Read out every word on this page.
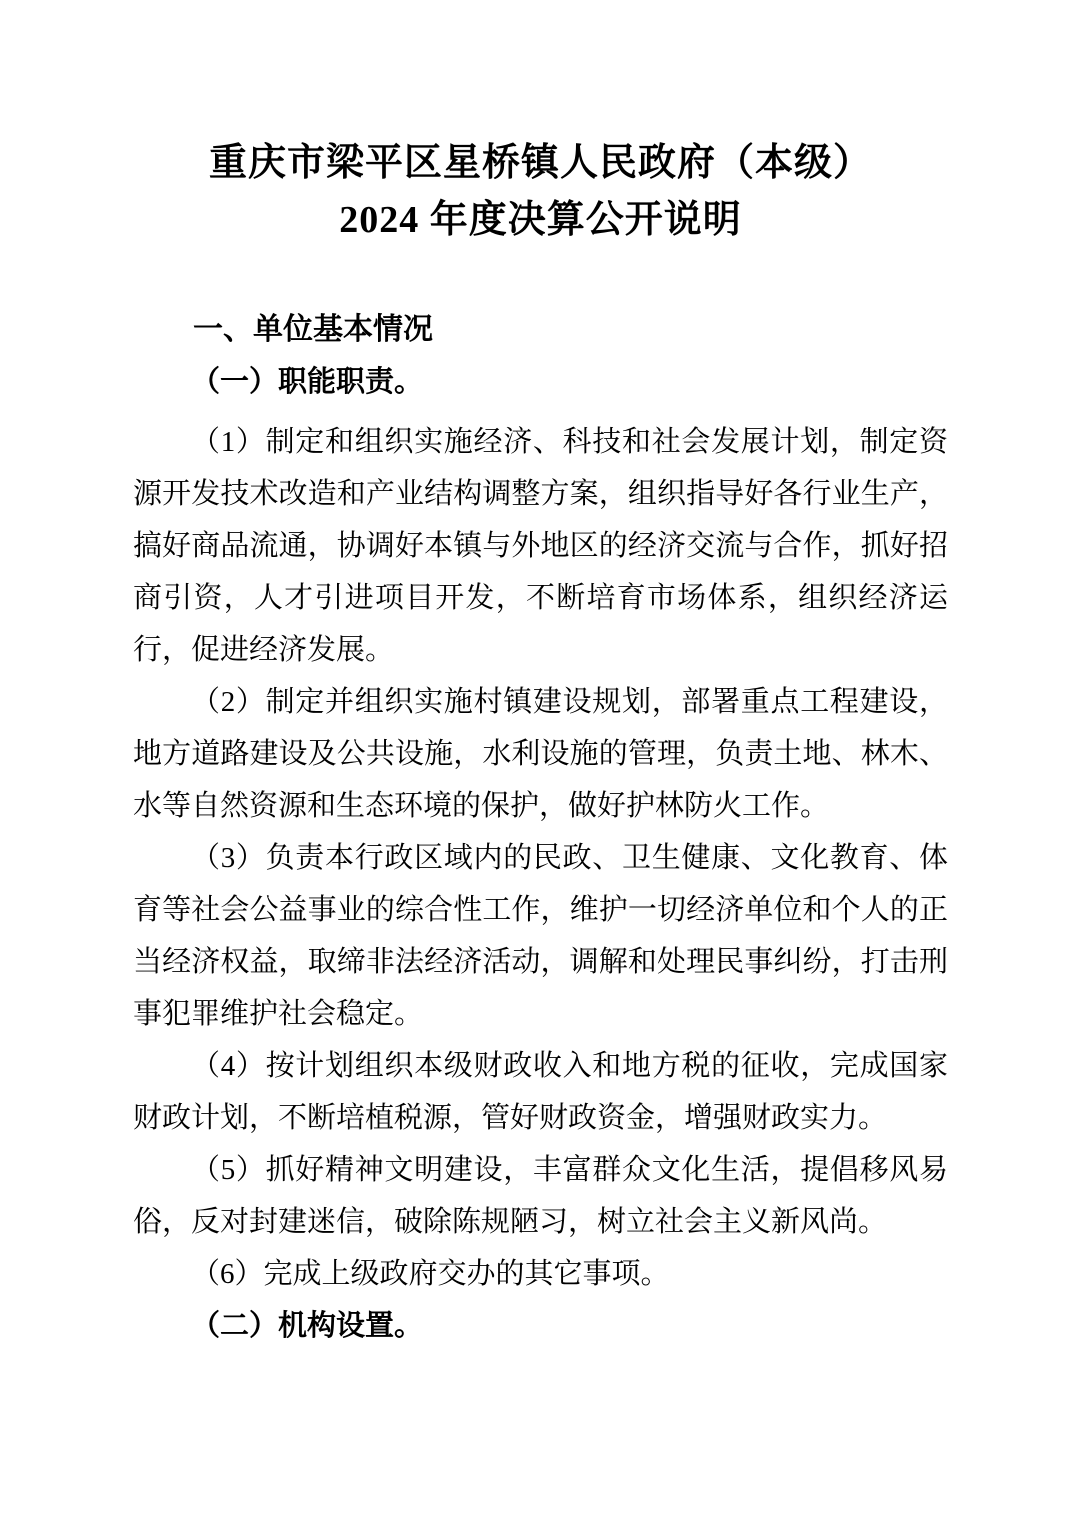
重庆市梁平区星桥镇人民政府（本级）
2024 年度决算公开说明
一、单位基本情况
（一）职能职责。

（1）制定和组织实施经济、科技和社会发展计划，制定资源开发技术改造和产业结构调整方案，组织指导好各行业生产，搞好商品流通，协调好本镇与外地区的经济交流与合作，抓好招商引资，人才引进项目开发，不断培育市场体系，组织经济运行，促进经济发展。

（2）制定并组织实施村镇建设规划，部署重点工程建设，地方道路建设及公共设施，水利设施的管理，负责土地、林木、水等自然资源和生态环境的保护，做好护林防火工作。

（3）负责本行政区域内的民政、卫生健康、文化教育、体育等社会公益事业的综合性工作，维护一切经济单位和个人的正当经济权益，取缔非法经济活动，调解和处理民事纠纷，打击刑事犯罪维护社会稳定。

（4）按计划组织本级财政收入和地方税的征收，完成国家财政计划，不断培植税源，管好财政资金，增强财政实力。

（5）抓好精神文明建设，丰富群众文化生活，提倡移风易俗，反对封建迷信，破除陈规陋习，树立社会主义新风尚。

（6）完成上级政府交办的其它事项。

（二）机构设置。
